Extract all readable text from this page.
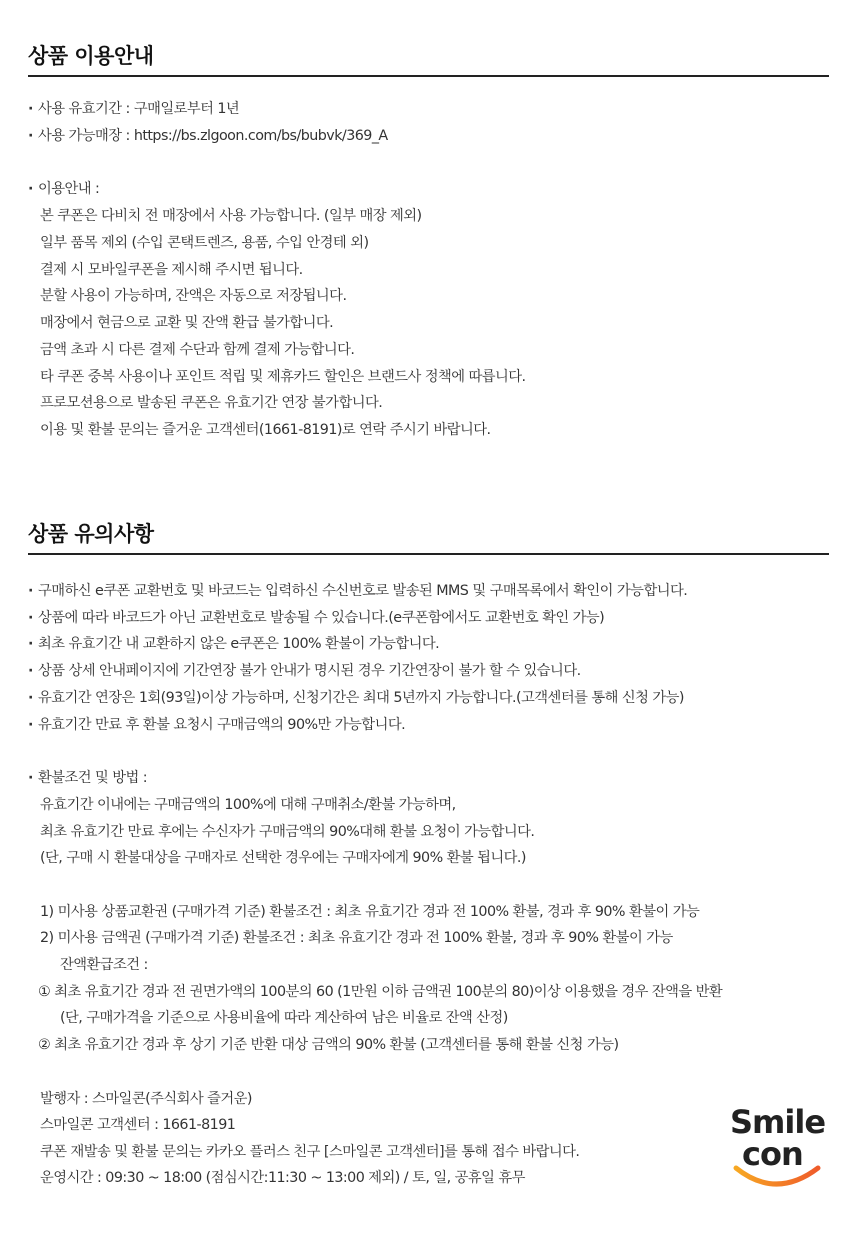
상품 이용안내
· 사용 유효기간 : 구매일로부터 1년
· 사용 가능매장 : https://bs.zlgoon.com/bs/bubvk/369_A
· 이용안내 :
본 쿠폰은 다비치 전 매장에서 사용 가능합니다. (일부 매장 제외)
일부 품목 제외 (수입 콘택트렌즈, 용품, 수입 안경테 외)
결제 시 모바일쿠폰을 제시해 주시면 됩니다.
분할 사용이 가능하며, 잔액은 자동으로 저장됩니다.
매장에서 현금으로 교환 및 잔액 환급 불가합니다.
금액 초과 시 다른 결제 수단과 함께 결제 가능합니다.
타 쿠폰 중복 사용이나 포인트 적립 및 제휴카드 할인은 브랜드사 정책에 따릅니다.
프로모션용으로 발송된 쿠폰은 유효기간 연장 불가합니다.
이용 및 환불 문의는 즐거운 고객센터(1661-8191)로 연락 주시기 바랍니다.
상품 유의사항
· 구매하신 e쿠폰 교환번호 및 바코드는 입력하신 수신번호로 발송된 MMS 및 구매목록에서 확인이 가능합니다.
· 상품에 따라 바코드가 아닌 교환번호로 발송될 수 있습니다.(e쿠폰함에서도 교환번호 확인 가능)
· 최초 유효기간 내 교환하지 않은 e쿠폰은 100% 환불이 가능합니다.
· 상품 상세 안내페이지에 기간연장 불가 안내가 명시된 경우 기간연장이 불가 할 수 있습니다.
· 유효기간 연장은 1회(93일)이상 가능하며, 신청기간은 최대 5년까지 가능합니다.(고객센터를 통해 신청 가능)
· 유효기간 만료 후 환불 요청시 구매금액의 90%만 가능합니다.
· 환불조건 및 방법 :
유효기간 이내에는 구매금액의 100%에 대해 구매취소/환불 가능하며,
최초 유효기간 만료 후에는 수신자가 구매금액의 90%대해 환불 요청이 가능합니다.
(단, 구매 시 환불대상을 구매자로 선택한 경우에는 구매자에게 90% 환불 됩니다.)
1) 미사용 상품교환권 (구매가격 기준) 환불조건 : 최초 유효기간 경과 전 100% 환불, 경과 후 90% 환불이 가능
2) 미사용 금액권 (구매가격 기준) 환불조건 : 최초 유효기간 경과 전 100% 환불, 경과 후 90% 환불이 가능
잔액환급조건 :
① 최초 유효기간 경과 전 권면가액의 100분의 60 (1만원 이하 금액권 100분의 80)이상 이용했을 경우 잔액을 반환
(단, 구매가격을 기준으로 사용비율에 따라 계산하여 남은 비율로 잔액 산정)
② 최초 유효기간 경과 후 상기 기준 반환 대상 금액의 90% 환불 (고객센터를 통해 환불 신청 가능)
발행자 : 스마일콘(주식회사 즐거운)
스마일콘 고객센터 : 1661-8191
쿠폰 재발송 및 환불 문의는 카카오 플러스 친구 [스마일콘 고객센터]를 통해 접수 바랍니다.
운영시간 : 09:30 ~ 18:00 (점심시간:11:30 ~ 13:00 제외) / 토, 일, 공휴일 휴무
Smile
con
